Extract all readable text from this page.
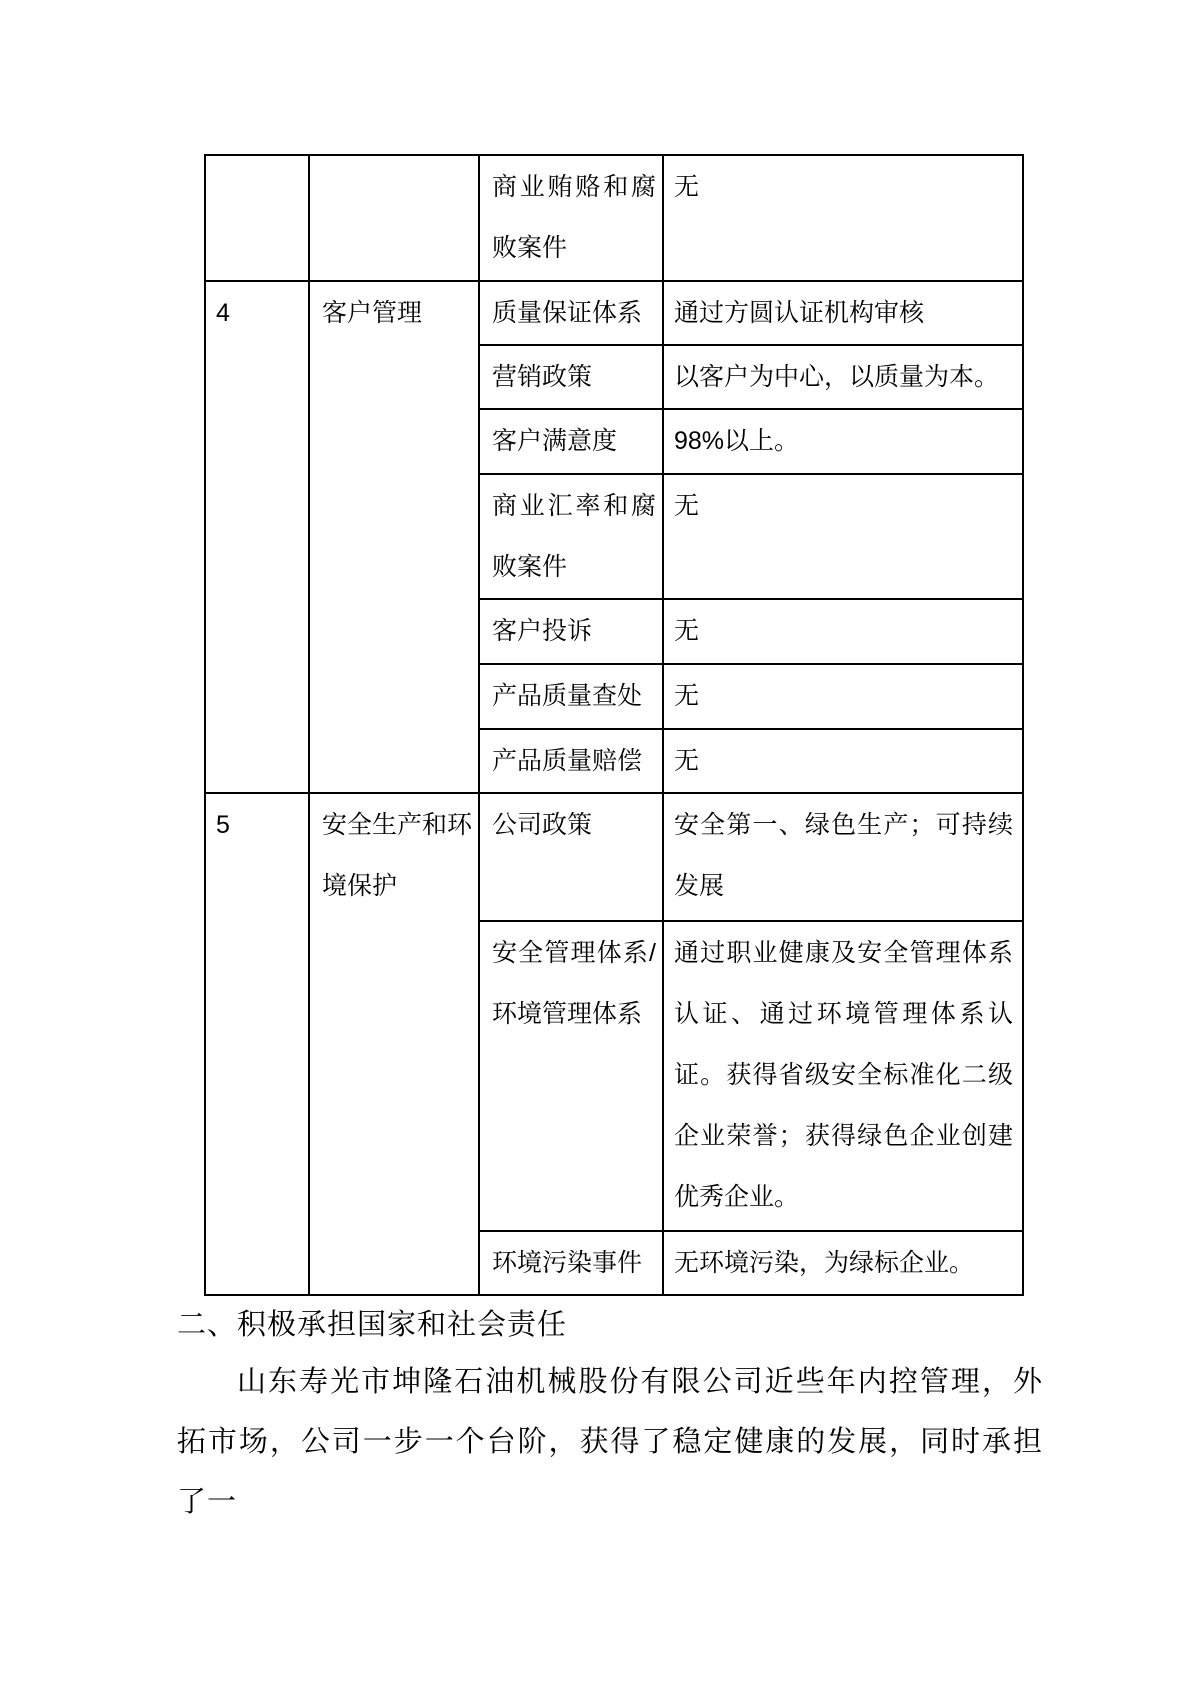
		商业贿赂和腐败案件	无
4	客户管理	质量保证体系	通过方圆认证机构审核
		营销政策	以客户为中心，以质量为本。
		客户满意度	98%以上。
		商业汇率和腐败案件	无
		客户投诉	无
		产品质量查处	无
		产品质量赔偿	无
5	安全生产和环境保护	公司政策	安全第一、绿色生产；可持续发展
		安全管理体系/环境管理体系	通过职业健康及安全管理体系认证、通过环境管理体系认证。获得省级安全标准化二级企业荣誉；获得绿色企业创建优秀企业。
		环境污染事件	无环境污染，为绿标企业。
二、积极承担国家和社会责任
山东寿光市坤隆石油机械股份有限公司近些年内控管理，外拓市场，公司一步一个台阶，获得了稳定健康的发展，同时承担了一
